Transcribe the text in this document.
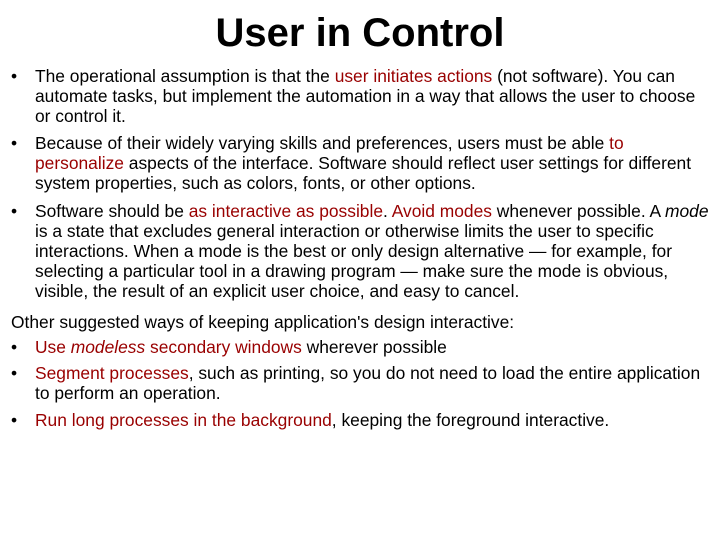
User in Control
• The operational assumption is that the user initiates actions (not software). You can automate tasks, but implement the automation in a way that allows the user to choose or control it.
• Because of their widely varying skills and preferences, users must be able to personalize aspects of the interface. Software should reflect user settings for different system properties, such as colors, fonts, or other options.
• Software should be as interactive as possible. Avoid modes whenever possible. A mode is a state that excludes general interaction or otherwise limits the user to specific interactions. When a mode is the best or only design alternative — for example, for selecting a particular tool in a drawing program — make sure the mode is obvious, visible, the result of an explicit user choice, and easy to cancel.
Other suggested ways of keeping application's design interactive:
• Use modeless secondary windows wherever possible
• Segment processes, such as printing, so you do not need to load the entire application to perform an operation.
• Run long processes in the background, keeping the foreground interactive.
